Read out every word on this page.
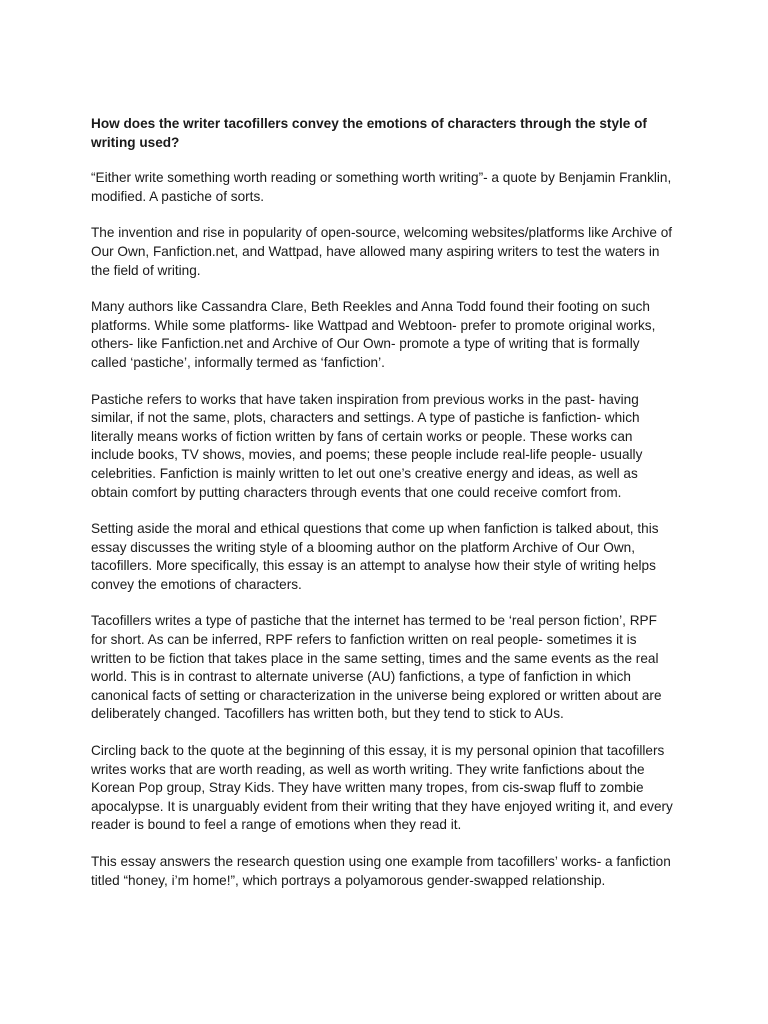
How does the writer tacofillers convey the emotions of characters through the style of writing used?

“Either write something worth reading or something worth writing”- a quote by Benjamin Franklin, modified. A pastiche of sorts.

The invention and rise in popularity of open-source, welcoming websites/platforms like Archive of Our Own, Fanfiction.net, and Wattpad, have allowed many aspiring writers to test the waters in the field of writing.

Many authors like Cassandra Clare, Beth Reekles and Anna Todd found their footing on such platforms. While some platforms- like Wattpad and Webtoon- prefer to promote original works, others- like Fanfiction.net and Archive of Our Own- promote a type of writing that is formally called ‘pastiche’, informally termed as ‘fanfiction’.

Pastiche refers to works that have taken inspiration from previous works in the past- having similar, if not the same, plots, characters and settings. A type of pastiche is fanfiction- which literally means works of fiction written by fans of certain works or people. These works can include books, TV shows, movies, and poems; these people include real-life people- usually celebrities. Fanfiction is mainly written to let out one’s creative energy and ideas, as well as obtain comfort by putting characters through events that one could receive comfort from.

Setting aside the moral and ethical questions that come up when fanfiction is talked about, this essay discusses the writing style of a blooming author on the platform Archive of Our Own, tacofillers. More specifically, this essay is an attempt to analyse how their style of writing helps convey the emotions of characters.

Tacofillers writes a type of pastiche that the internet has termed to be ‘real person fiction’, RPF for short. As can be inferred, RPF refers to fanfiction written on real people- sometimes it is written to be fiction that takes place in the same setting, times and the same events as the real world. This is in contrast to alternate universe (AU) fanfictions, a type of fanfiction in which canonical facts of setting or characterization in the universe being explored or written about are deliberately changed. Tacofillers has written both, but they tend to stick to AUs.

Circling back to the quote at the beginning of this essay, it is my personal opinion that tacofillers writes works that are worth reading, as well as worth writing. They write fanfictions about the Korean Pop group, Stray Kids. They have written many tropes, from cis-swap fluff to zombie apocalypse. It is unarguably evident from their writing that they have enjoyed writing it, and every reader is bound to feel a range of emotions when they read it.

This essay answers the research question using one example from tacofillers’ works- a fanfiction titled “honey, i’m home!”, which portrays a polyamorous gender-swapped relationship.
